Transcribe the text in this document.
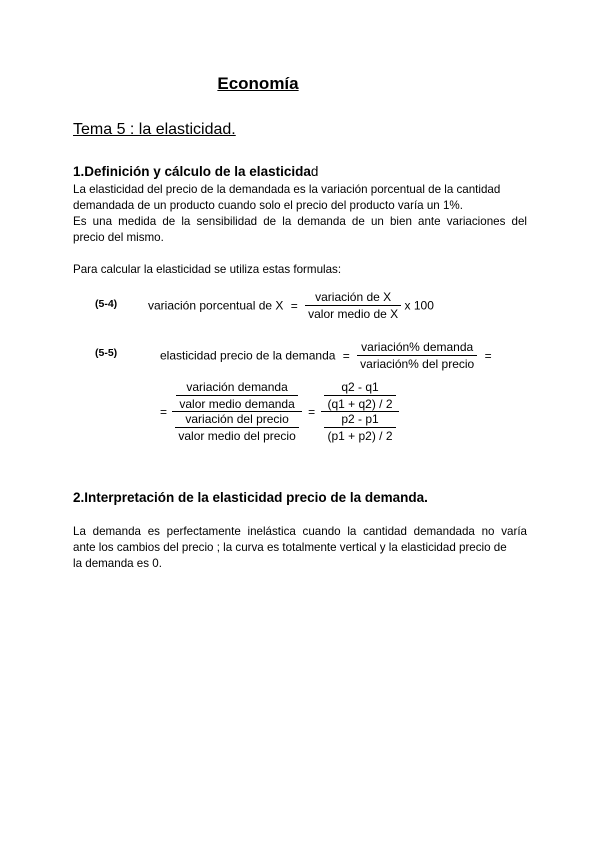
Economía
Tema 5 : la elasticidad.
1.Definición y cálculo de la elasticidad
La elasticidad del precio de la demandada es la variación porcentual de la cantidad
demandada de un producto cuando solo el precio del producto varía un 1%.
Es una medida de la sensibilidad de la demanda de un bien ante variaciones del
precio del mismo.
Para calcular la elasticidad se utiliza estas formulas:
(5-4)	variación porcentual de $X = \frac{\text{variación de X}}{\text{valor medio de X}}$ x 100
(5-5)	elasticidad precio de la demanda = $\frac{\text{variación\% demanda}}{\text{variación\% del precio}}$ =
= $\frac{\frac{\text{variación demanda}}{\text{valor medio demanda}}}{\frac{\text{variación del precio}}{\text{valor medio del precio}}} = \frac{\frac{q2 - q1}{(q1 + q2) / 2}}{\frac{p2 - p1}{(p1 + p2) / 2}}$
2.Interpretación de la elasticidad precio de la demanda.
La demanda es perfectamente inelástica cuando la cantidad demandada no varía
ante los cambios del precio ; la curva es totalmente vertical y la elasticidad precio de
la demanda es 0.
